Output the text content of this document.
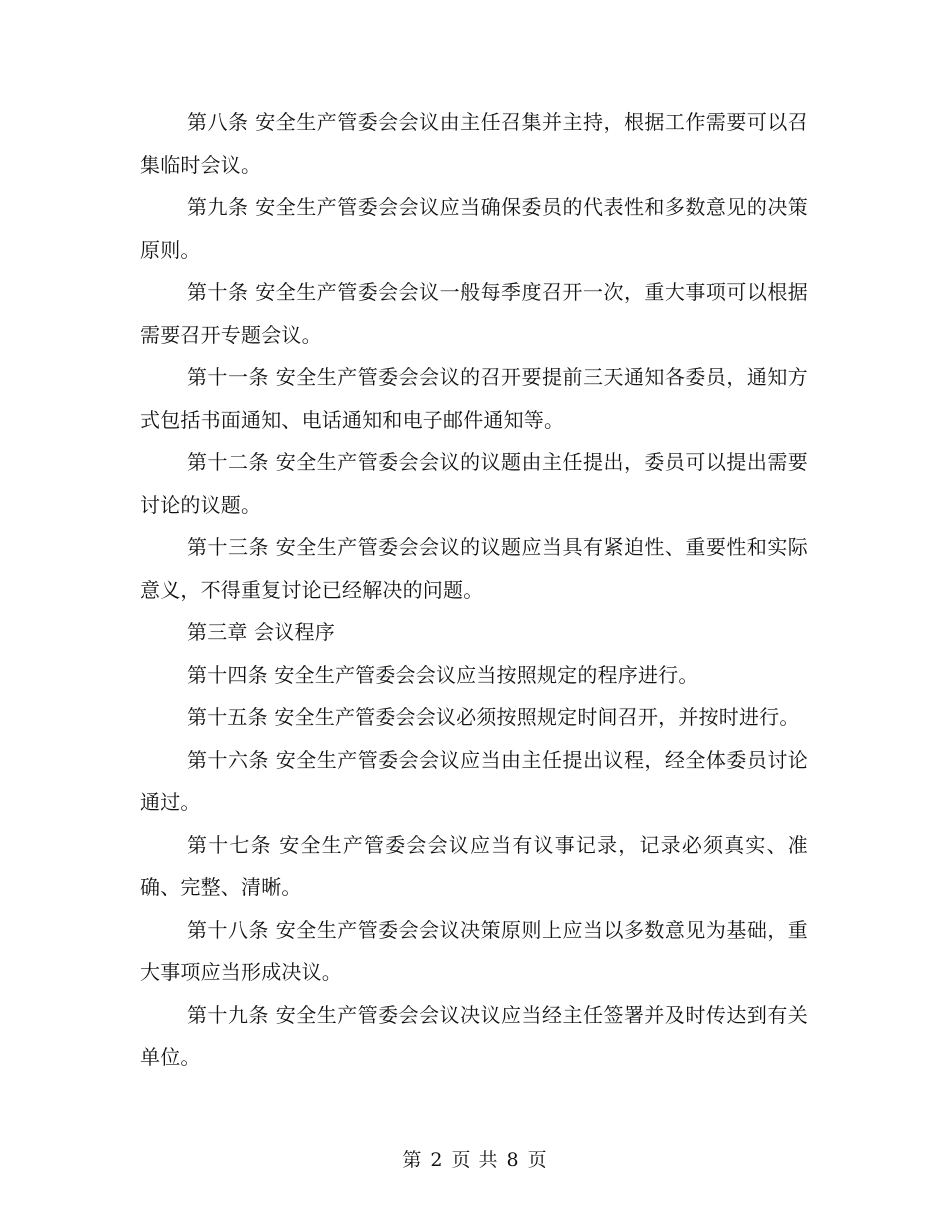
第八条 安全生产管委会会议由主任召集并主持，根据工作需要可以召集临时会议。

第九条 安全生产管委会会议应当确保委员的代表性和多数意见的决策原则。

第十条 安全生产管委会会议一般每季度召开一次，重大事项可以根据需要召开专题会议。

第十一条 安全生产管委会会议的召开要提前三天通知各委员，通知方式包括书面通知、电话通知和电子邮件通知等。

第十二条 安全生产管委会会议的议题由主任提出，委员可以提出需要讨论的议题。

第十三条 安全生产管委会会议的议题应当具有紧迫性、重要性和实际意义，不得重复讨论已经解决的问题。

第三章 会议程序

第十四条 安全生产管委会会议应当按照规定的程序进行。

第十五条 安全生产管委会会议必须按照规定时间召开，并按时进行。

第十六条 安全生产管委会会议应当由主任提出议程，经全体委员讨论通过。

第十七条 安全生产管委会会议应当有议事记录，记录必须真实、准确、完整、清晰。

第十八条 安全生产管委会会议决策原则上应当以多数意见为基础，重大事项应当形成决议。

第十九条 安全生产管委会会议决议应当经主任签署并及时传达到有关单位。

第 2 页 共 8 页
